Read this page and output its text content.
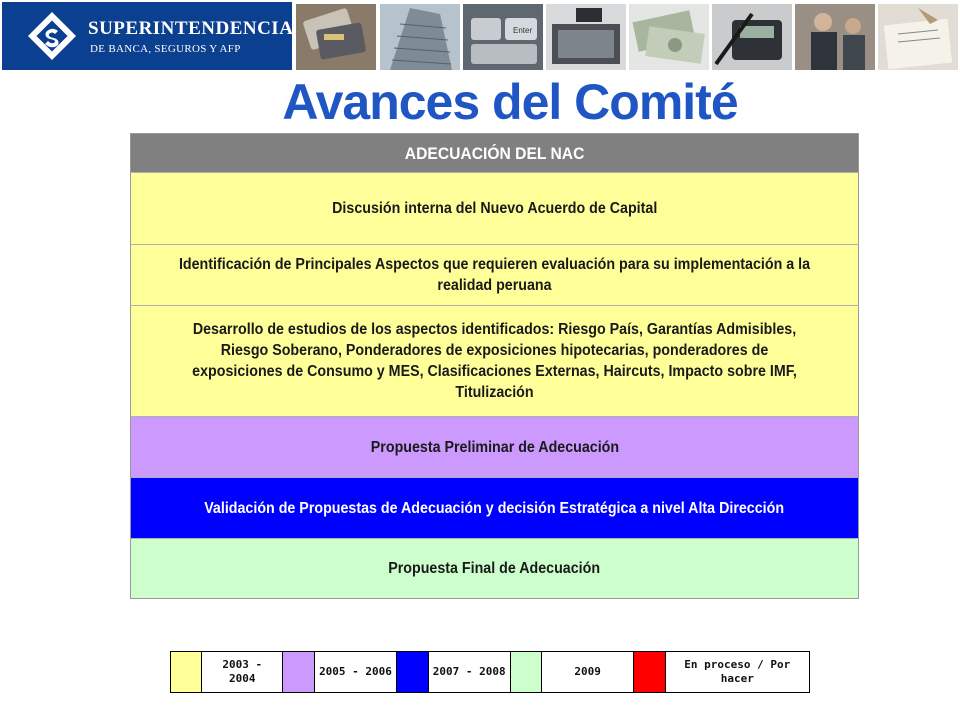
SUPERINTENDENCIA
DE BANCA, SEGUROS Y AFP
Enter
Avances del Comité
ADECUACIÓN DEL NAC
Discusión interna del Nuevo Acuerdo de Capital
Identificación de Principales Aspectos que requieren evaluación para su implementación a la realidad peruana
Desarrollo de estudios de los aspectos identificados: Riesgo País, Garantías Admisibles, Riesgo Soberano, Ponderadores de exposiciones hipotecarias, ponderadores de exposiciones de Consumo y MES, Clasificaciones Externas, Haircuts, Impacto sobre IMF, Titulización
Propuesta Preliminar de Adecuación
Validación de Propuestas de Adecuación y decisión Estratégica a nivel Alta Dirección
Propuesta Final de Adecuación
2003 - 2004
2005 - 2006	2007 - 2008	2009
En proceso / Por hacer
